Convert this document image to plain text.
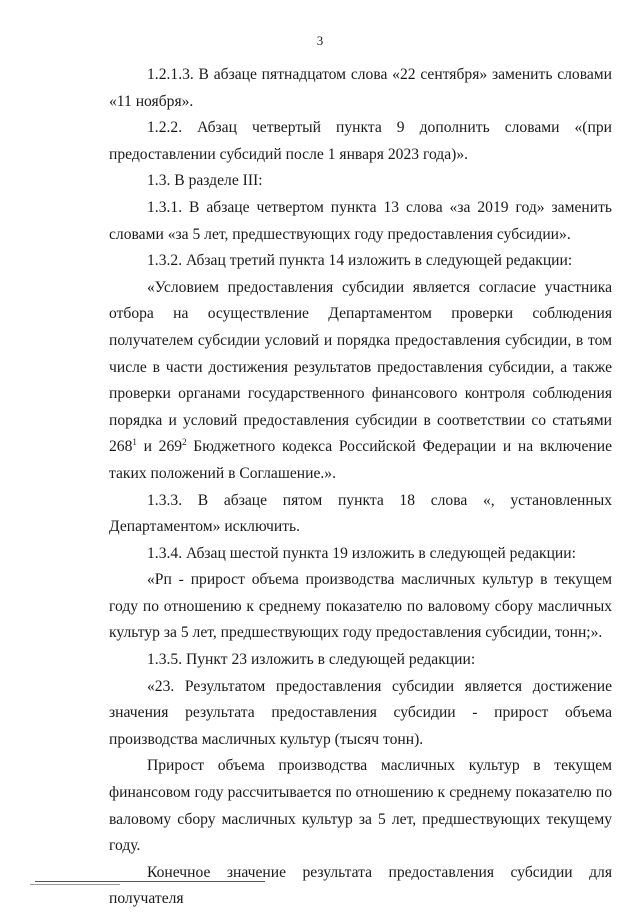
3

1.2.1.3. В абзаце пятнадцатом слова «22 сентября» заменить словами «11 ноября».

1.2.2. Абзац четвертый пункта 9 дополнить словами «(при предоставлении субсидий после 1 января 2023 года)».

1.3. В разделе III:

1.3.1. В абзаце четвертом пункта 13 слова «за 2019 год» заменить словами «за 5 лет, предшествующих году предоставления субсидии».

1.3.2. Абзац третий пункта 14 изложить в следующей редакции:

«Условием предоставления субсидии является согласие участника отбора на осуществление Департаментом проверки соблюдения получателем субсидии условий и порядка предоставления субсидии, в том числе в части достижения результатов предоставления субсидии, а также проверки органами государственного финансового контроля соблюдения порядка и условий предоставления субсидии в соответствии со статьями $268^1$ и $269^2$ Бюджетного кодекса Российской Федерации и на включение таких положений в Соглашение.».

1.3.3. В абзаце пятом пункта 18 слова «, установленных Департаментом» исключить.

1.3.4. Абзац шестой пункта 19 изложить в следующей редакции:

«Рп - прирост объема производства масличных культур в текущем году по отношению к среднему показателю по валовому сбору масличных культур за 5 лет, предшествующих году предоставления субсидии, тонн;».

1.3.5. Пункт 23 изложить в следующей редакции:

«23. Результатом предоставления субсидии является достижение значения результата предоставления субсидии - прирост объема производства масличных культур (тысяч тонн).

Прирост объема производства масличных культур в текущем финансовом году рассчитывается по отношению к среднему показателю по валовому сбору масличных культур за 5 лет, предшествующих текущему году.

Конечное значение результата предоставления субсидии для получателя
